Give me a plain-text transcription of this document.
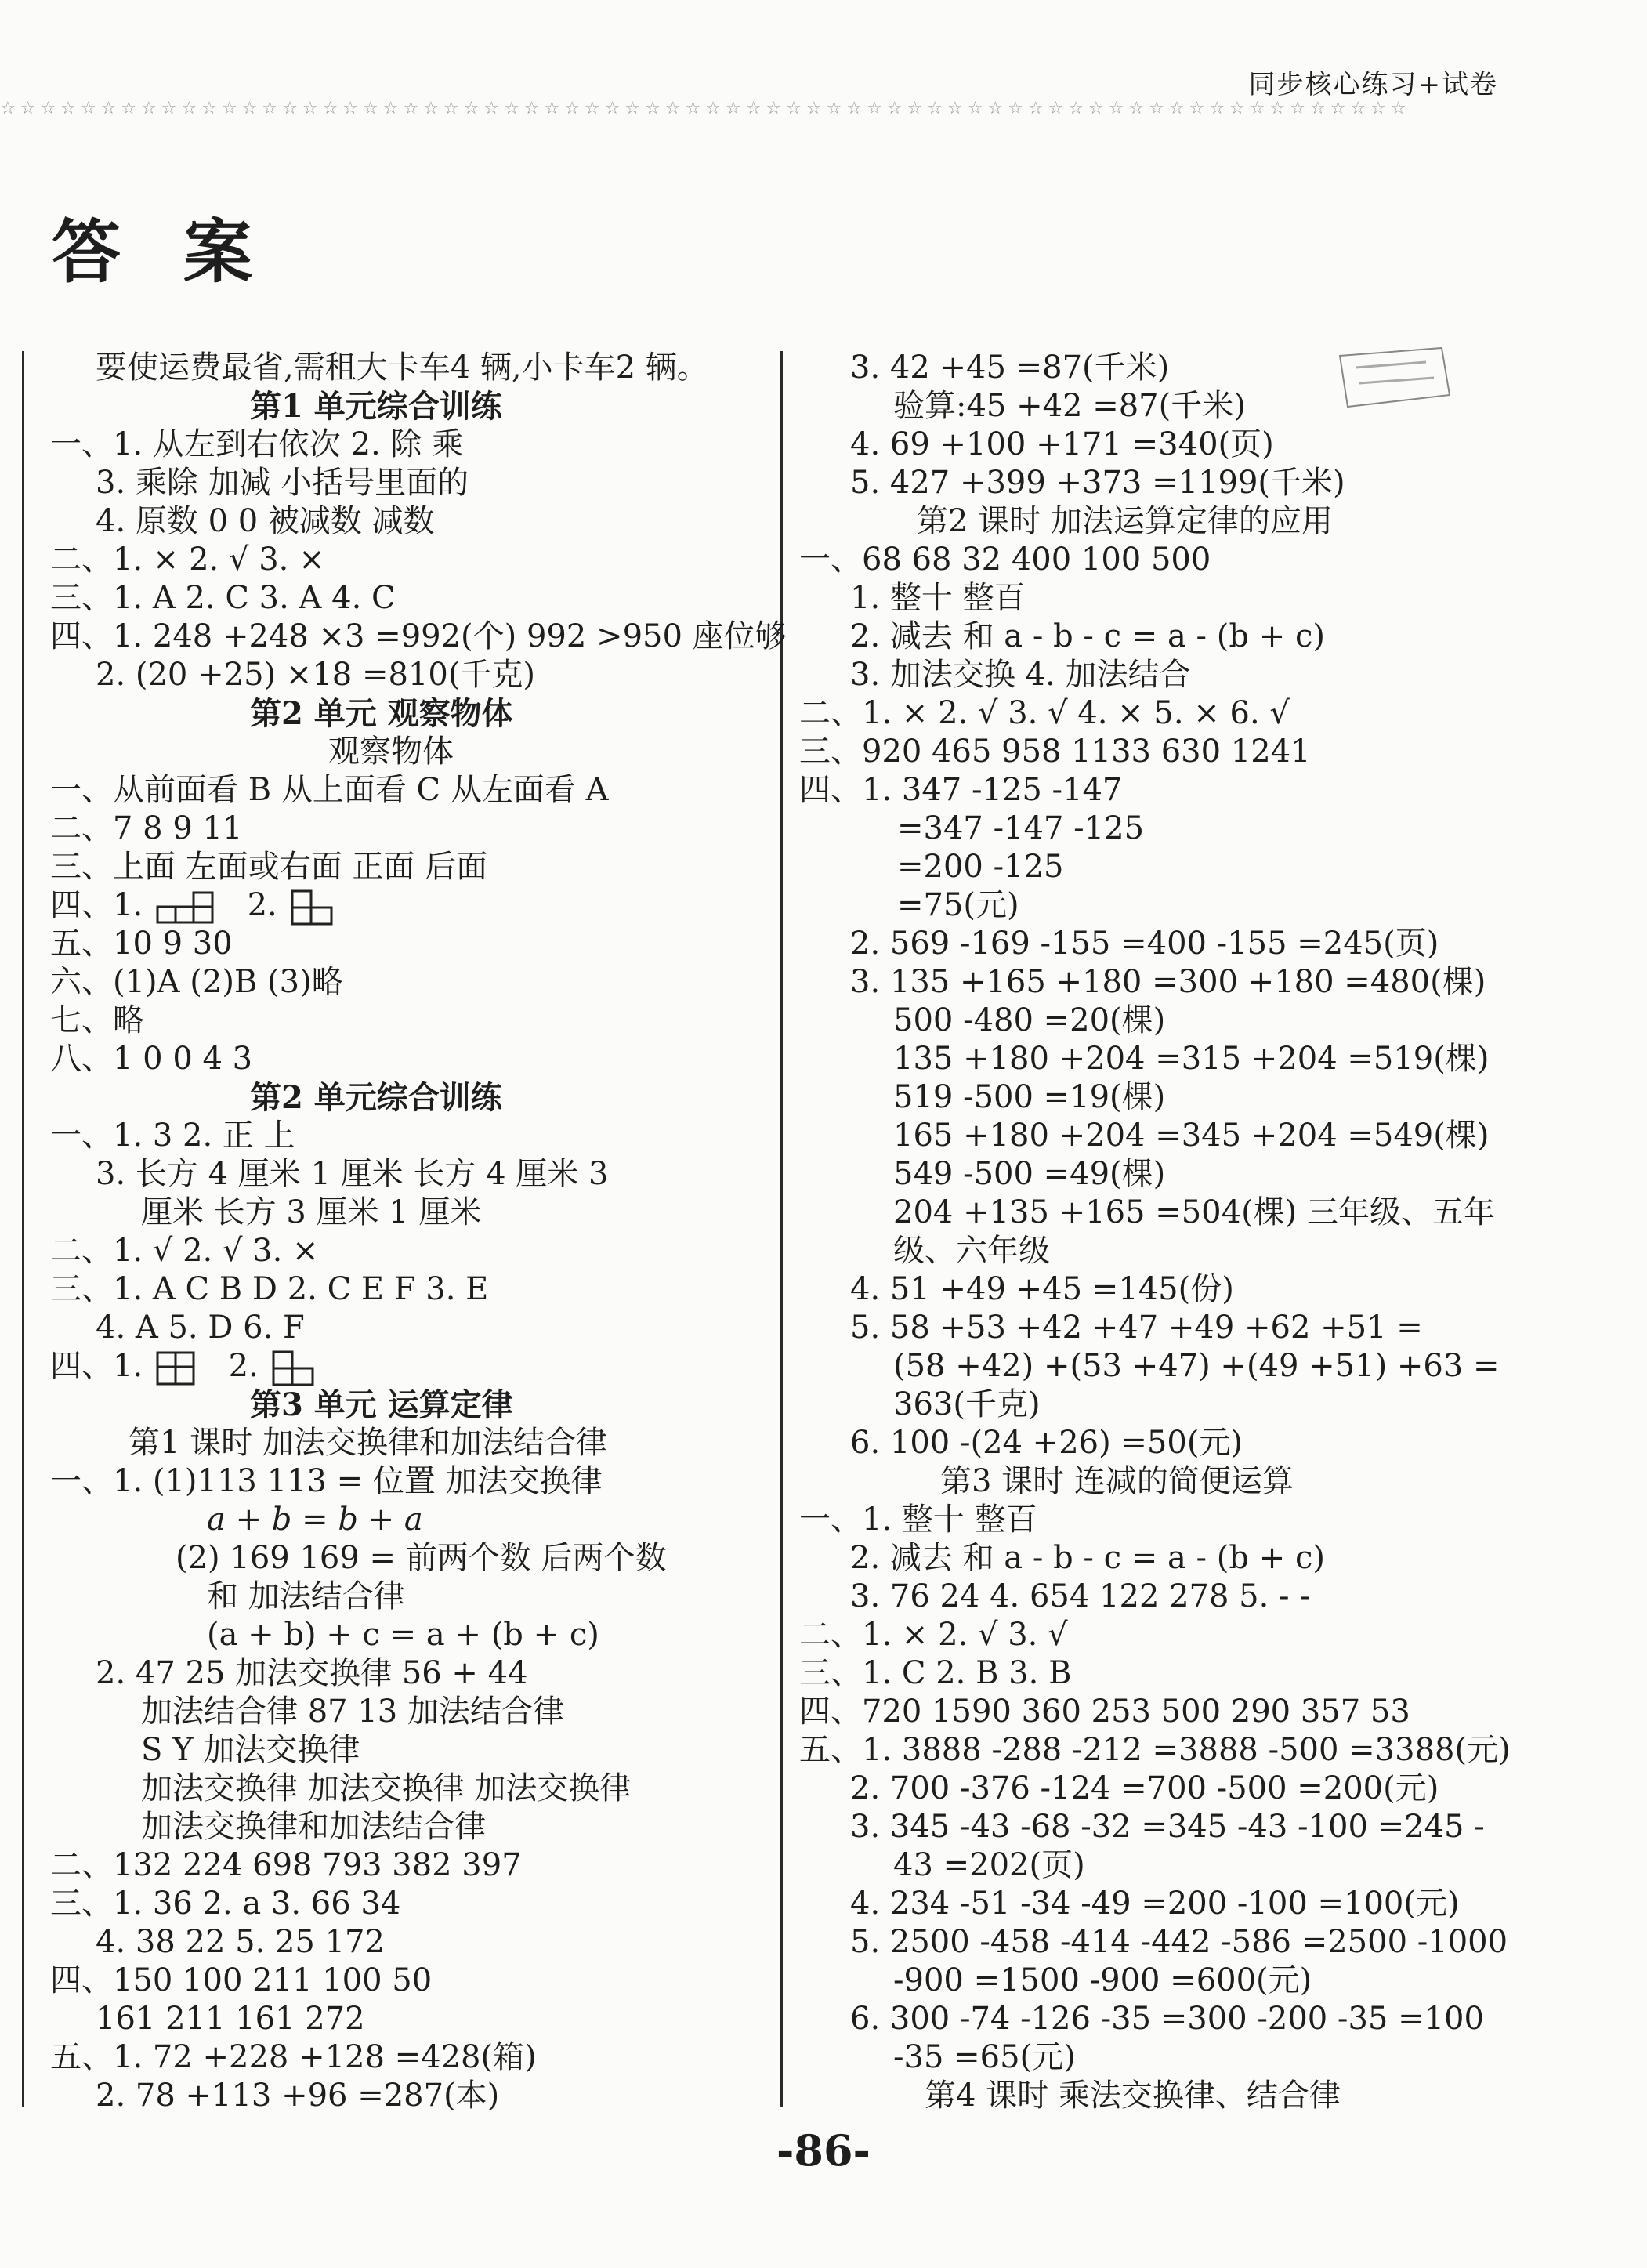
同步核心练习+试卷
☆☆☆☆☆☆☆☆☆☆☆☆☆☆☆☆☆☆☆☆☆☆☆☆☆☆☆☆☆☆☆☆☆☆☆☆☆☆☆☆☆☆☆☆☆☆☆☆☆☆☆☆☆☆☆☆☆☆☆☆☆☆☆☆☆☆☆☆☆☆
答案
要使运费最省,需租大卡车4 辆,小卡车2 辆。
第1 单元综合训练
一、1. 从左到右依次 2. 除 乘
3. 乘除 加减 小括号里面的
4. 原数 0 0 被减数 减数
二、1. × 2. √ 3. ×
三、1. A 2. C 3. A 4. C
四、1. 248 +248 ×3 =992(个) 992 >950 座位够
2. (20 +25) ×18 =810(千克)
第2 单元 观察物体
观察物体
一、从前面看 B 从上面看 C 从左面看 A
二、7 8 9 11
三、上面 左面或右面 正面 后面
四、1.	2.
五、10 9 30
六、(1)A (2)B (3)略
七、略
八、1 0 0 4 3
第2 单元综合训练
一、1. 3 2. 正 上
3. 长方 4 厘米 1 厘米 长方 4 厘米 3
厘米 长方 3 厘米 1 厘米
二、1. √ 2. √ 3. ×
三、1. A C B D 2. C E F 3. E
4. A 5. D 6. F
四、1.	2.
第3 单元 运算定律
第1 课时 加法交换律和加法结合律
一、1. (1)113 113 = 位置 加法交换律
a + b = b + a
(2) 169 169 = 前两个数 后两个数
和 加法结合律
(a + b) + c = a + (b + c)
2. 47 25 加法交换律 56 + 44
加法结合律 87 13 加法结合律
S Y 加法交换律
加法交换律 加法交换律 加法交换律
加法交换律和加法结合律
二、132 224 698 793 382 397
三、1. 36 2. a 3. 66 34
4. 38 22 5. 25 172
四、150 100 211 100 50
161 211 161 272
五、1. 72 +228 +128 =428(箱)
2. 78 +113 +96 =287(本)
3. 42 +45 =87(千米)
验算:45 +42 =87(千米)
4. 69 +100 +171 =340(页)
5. 427 +399 +373 =1199(千米)
第2 课时 加法运算定律的应用
一、68 68 32 400 100 500
1. 整十 整百
2. 减去 和 a - b - c = a - (b + c)
3. 加法交换 4. 加法结合
二、1. × 2. √ 3. √ 4. × 5. × 6. √
三、920 465 958 1133 630 1241
四、1. 347 -125 -147
=347 -147 -125
=200 -125
=75(元)
2. 569 -169 -155 =400 -155 =245(页)
3. 135 +165 +180 =300 +180 =480(棵)
500 -480 =20(棵)
135 +180 +204 =315 +204 =519(棵)
519 -500 =19(棵)
165 +180 +204 =345 +204 =549(棵)
549 -500 =49(棵)
204 +135 +165 =504(棵) 三年级、五年
级、六年级
4. 51 +49 +45 =145(份)
5. 58 +53 +42 +47 +49 +62 +51 =
(58 +42) +(53 +47) +(49 +51) +63 =
363(千克)
6. 100 -(24 +26) =50(元)
第3 课时 连减的简便运算
一、1. 整十 整百
2. 减去 和 a - b - c = a - (b + c)
3. 76 24 4. 654 122 278 5. - -
二、1. × 2. √ 3. √
三、1. C 2. B 3. B
四、720 1590 360 253 500 290 357 53
五、1. 3888 -288 -212 =3888 -500 =3388(元)
2. 700 -376 -124 =700 -500 =200(元)
3. 345 -43 -68 -32 =345 -43 -100 =245 -
43 =202(页)
4. 234 -51 -34 -49 =200 -100 =100(元)
5. 2500 -458 -414 -442 -586 =2500 -1000
-900 =1500 -900 =600(元)
6. 300 -74 -126 -35 =300 -200 -35 =100
-35 =65(元)
第4 课时 乘法交换律、结合律
-86-
